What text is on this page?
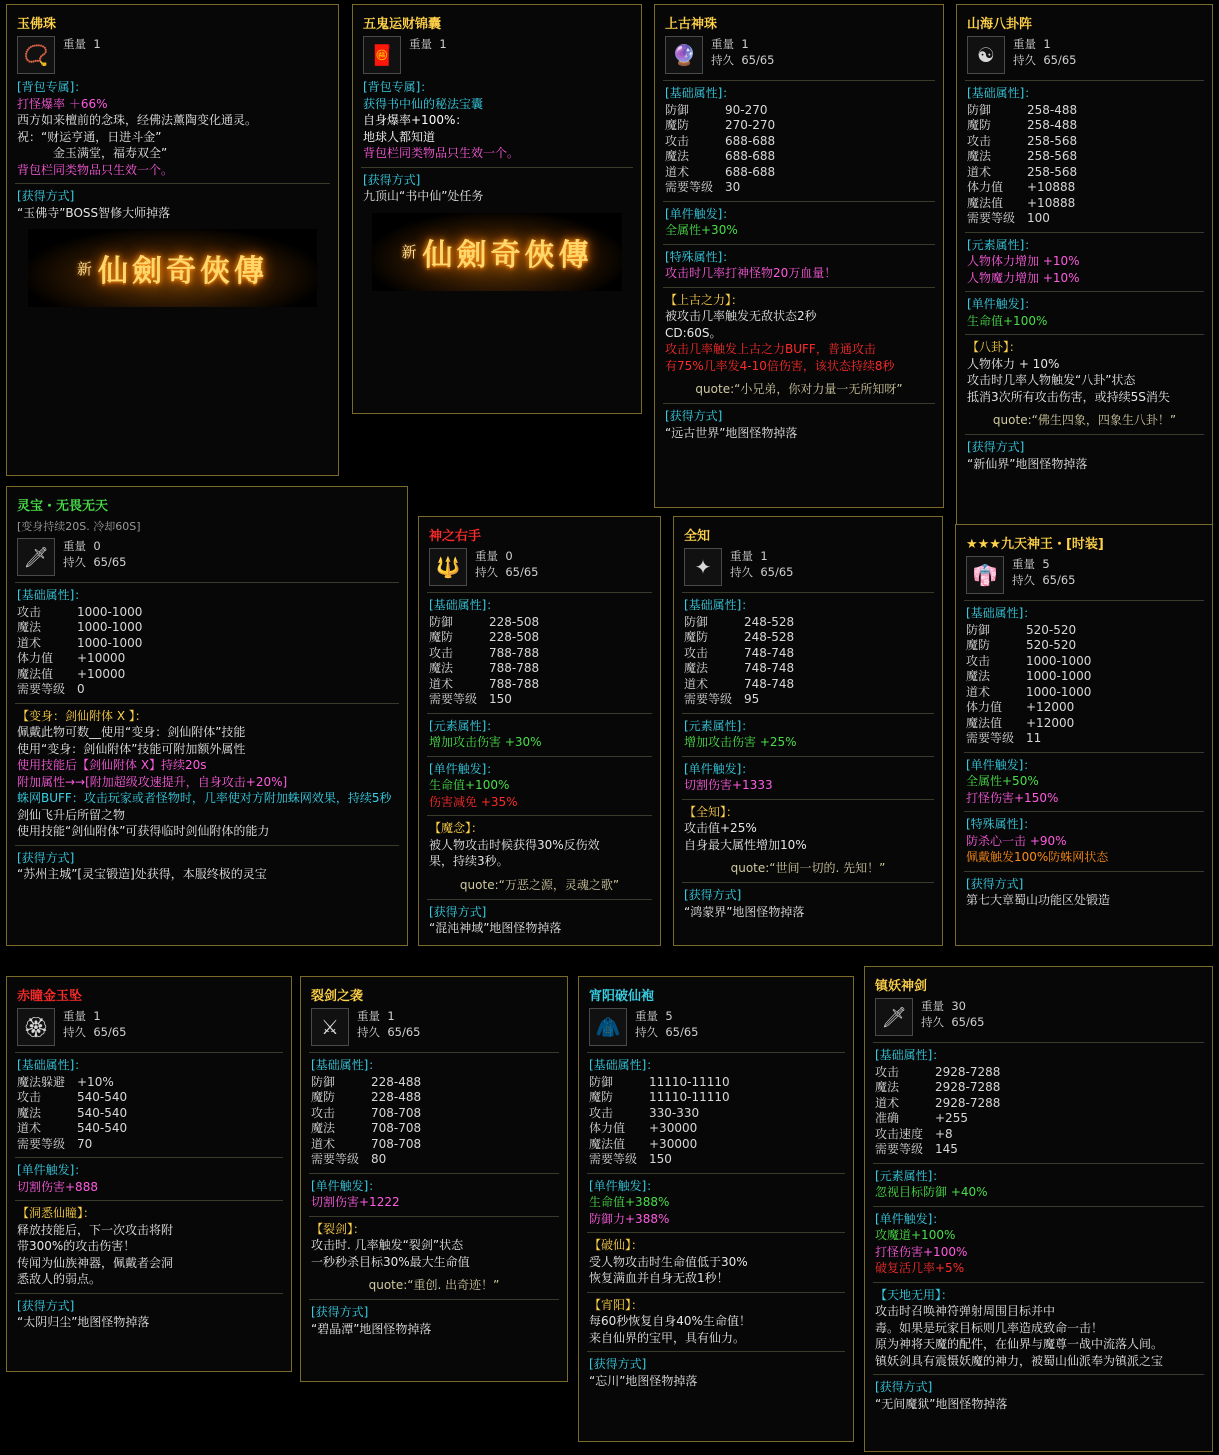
玉佛珠
📿	重量 1
[背包专属]：
打怪爆率 ＋66%
西方如来檀前的念珠，经佛法薰陶变化通灵。
祝：“财运亨通，日进斗金”
　　　金玉满堂，福寿双全”
背包栏同类物品只生效一个。
[获得方式]
“玉佛寺”BOSS智修大师掉落
新 仙劍奇俠傳
五鬼运财锦囊
🧧	重量 1
[背包专属]：
获得书中仙的秘法宝囊
自身爆率+100%：
地球人都知道
背包栏同类物品只生效一个。
[获得方式]
九顶山“书中仙”处任务
新 仙劍奇俠傳
上古神珠
🔮	重量 1
持久 65/65
[基础属性]：
防御	90-270
魔防	270-270
攻击	688-688
魔法	688-688
道术	688-688
需要等级 30
[单件触发]：
全属性+30%
[特殊属性]：
攻击时几率打神怪物20万血量！
【上古之力】：
被攻击几率触发无敌状态2秒
CD:60S。
攻击几率触发上古之力BUFF，普通攻击
有75%几率发4-10倍伤害，该状态持续8秒
quote:“小兄弟，你对力量一无所知呀”
[获得方式]
“远古世界”地图怪物掉落
山海八卦阵
☯	重量 1
持久 65/65
[基础属性]：
防御	258-488
魔防	258-488
攻击	258-568
魔法	258-568
道术	258-568
体力值	+10888
魔法值	+10888
需要等级 100
[元素属性]：
人物体力增加 +10%
人物魔力增加 +10%
[单件触发]：
生命值+100%
【八卦】：
人物体力 + 10%
攻击时几率人物触发“八卦”状态
抵消3次所有攻击伤害，或持续5S消失
quote:“佛生四象，四象生八卦！”
[获得方式]
“新仙界”地图怪物掉落
灵宝・无畏无天
[变身持续20S. 冷却60S]
🗡	重量 0
持久 65/65
[基础属性]：
攻击	1000-1000
魔法	1000-1000
道术	1000-1000
体力值	+10000
魔法值	+10000
需要等级 0
【变身：剑仙附体 X 】：
佩戴此物可数__使用“变身：剑仙附体”技能
使用“变身：剑仙附体”技能可附加额外属性
使用技能后【剑仙附体 X】持续20s
附加属性→→[附加超级攻速提升，自身攻击+20%]
蛛网BUFF：攻击玩家或者怪物时，几率使对方附加蛛网效果，持续5秒
剑仙飞升后所留之物
使用技能“剑仙附体”可获得临时剑仙附体的能力
[获得方式]
“苏州主城”[灵宝锻造]处获得，本服终极的灵宝
神之右手
🔱	重量 0
持久 65/65
[基础属性]：
防御	228-508
魔防	228-508
攻击	788-788
魔法	788-788
道术	788-788
需要等级 150
[元素属性]：
增加攻击伤害 +30%
[单件触发]：
生命值+100%
伤害减免 +35%
【魔念】：
被人物攻击时候获得30%反伤效
果，持续3秒。
quote:“万恶之源，灵魂之歌”
[获得方式]
“混沌神域”地图怪物掉落
全知
✦	重量 1
持久 65/65
[基础属性]：
防御	248-528
魔防	248-528
攻击	748-748
魔法	748-748
道术	748-748
需要等级 95
[元素属性]：
增加攻击伤害 +25%
[单件触发]：
切割伤害+1333
【全知】：
攻击值+25%
自身最大属性增加10%
quote:“世间一切的. 先知！”
[获得方式]
“鸿蒙界”地图怪物掉落
★★★九天神王・[时装]
👘	重量 5
持久 65/65
[基础属性]：
防御	520-520
魔防	520-520
攻击	1000-1000
魔法	1000-1000
道术	1000-1000
体力值	+12000
魔法值	+12000
需要等级 11
[单件触发]：
全属性+50%
打怪伤害+150%
[特殊属性]：
防杀心一击 +90%
佩戴触发100%防蛛网状态
[获得方式]
第七大章蜀山功能区处锻造
赤瞳金玉坠
🏵	重量 1
持久 65/65
[基础属性]：
魔法躲避 +10%
攻击	540-540
魔法	540-540
道术	540-540
需要等级 70
[单件触发]：
切割伤害+888
【洞悉仙瞳】：
释放技能后，下一次攻击将附
带300%的攻击伤害！
传闻为仙族神器，佩戴者会洞
悉敌人的弱点。
[获得方式]
“太阴归尘”地图怪物掉落
裂剑之袭
⚔	重量 1
持久 65/65
[基础属性]：
防御	228-488
魔防	228-488
攻击	708-708
魔法	708-708
道术	708-708
需要等级 80
[单件触发]：
切割伤害+1222
【裂剑】：
攻击时. 几率触发“裂剑”状态
一秒秒杀目标30%最大生命值
quote:“重创. 出奇迹！”
[获得方式]
“碧晶潭”地图怪物掉落
宵阳破仙袍
🧥	重量 5
持久 65/65
[基础属性]：
防御	11110-11110
魔防	11110-11110
攻击	330-330
体力值	+30000
魔法值	+30000
需要等级 150
[单件触发]：
生命值+388%
防御力+388%
【破仙】：
受人物攻击时生命值低于30%
恢复满血并自身无敌1秒！
【宵阳】：
每60秒恢复自身40%生命值！
来自仙界的宝甲，具有仙力。
[获得方式]
“忘川”地图怪物掉落
镇妖神剑
🗡	重量 30
持久 65/65
[基础属性]：
攻击	2928-7288
魔法	2928-7288
道术	2928-7288
准确	+255
攻击速度 +8
需要等级 145
[元素属性]：
忽视目标防御 +40%
[单件触发]：
攻魔道+100%
打怪伤害+100%
破复活几率+5%
【天地无用】：
攻击时召唤神符弹射周围目标并中
毒。如果是玩家目标则几率造成致命一击！
原为神将天魔的配件，在仙界与魔尊一战中流落人间。
镇妖剑具有震慑妖魔的神力，被蜀山仙派奉为镇派之宝
[获得方式]
“无间魔狱”地图怪物掉落
